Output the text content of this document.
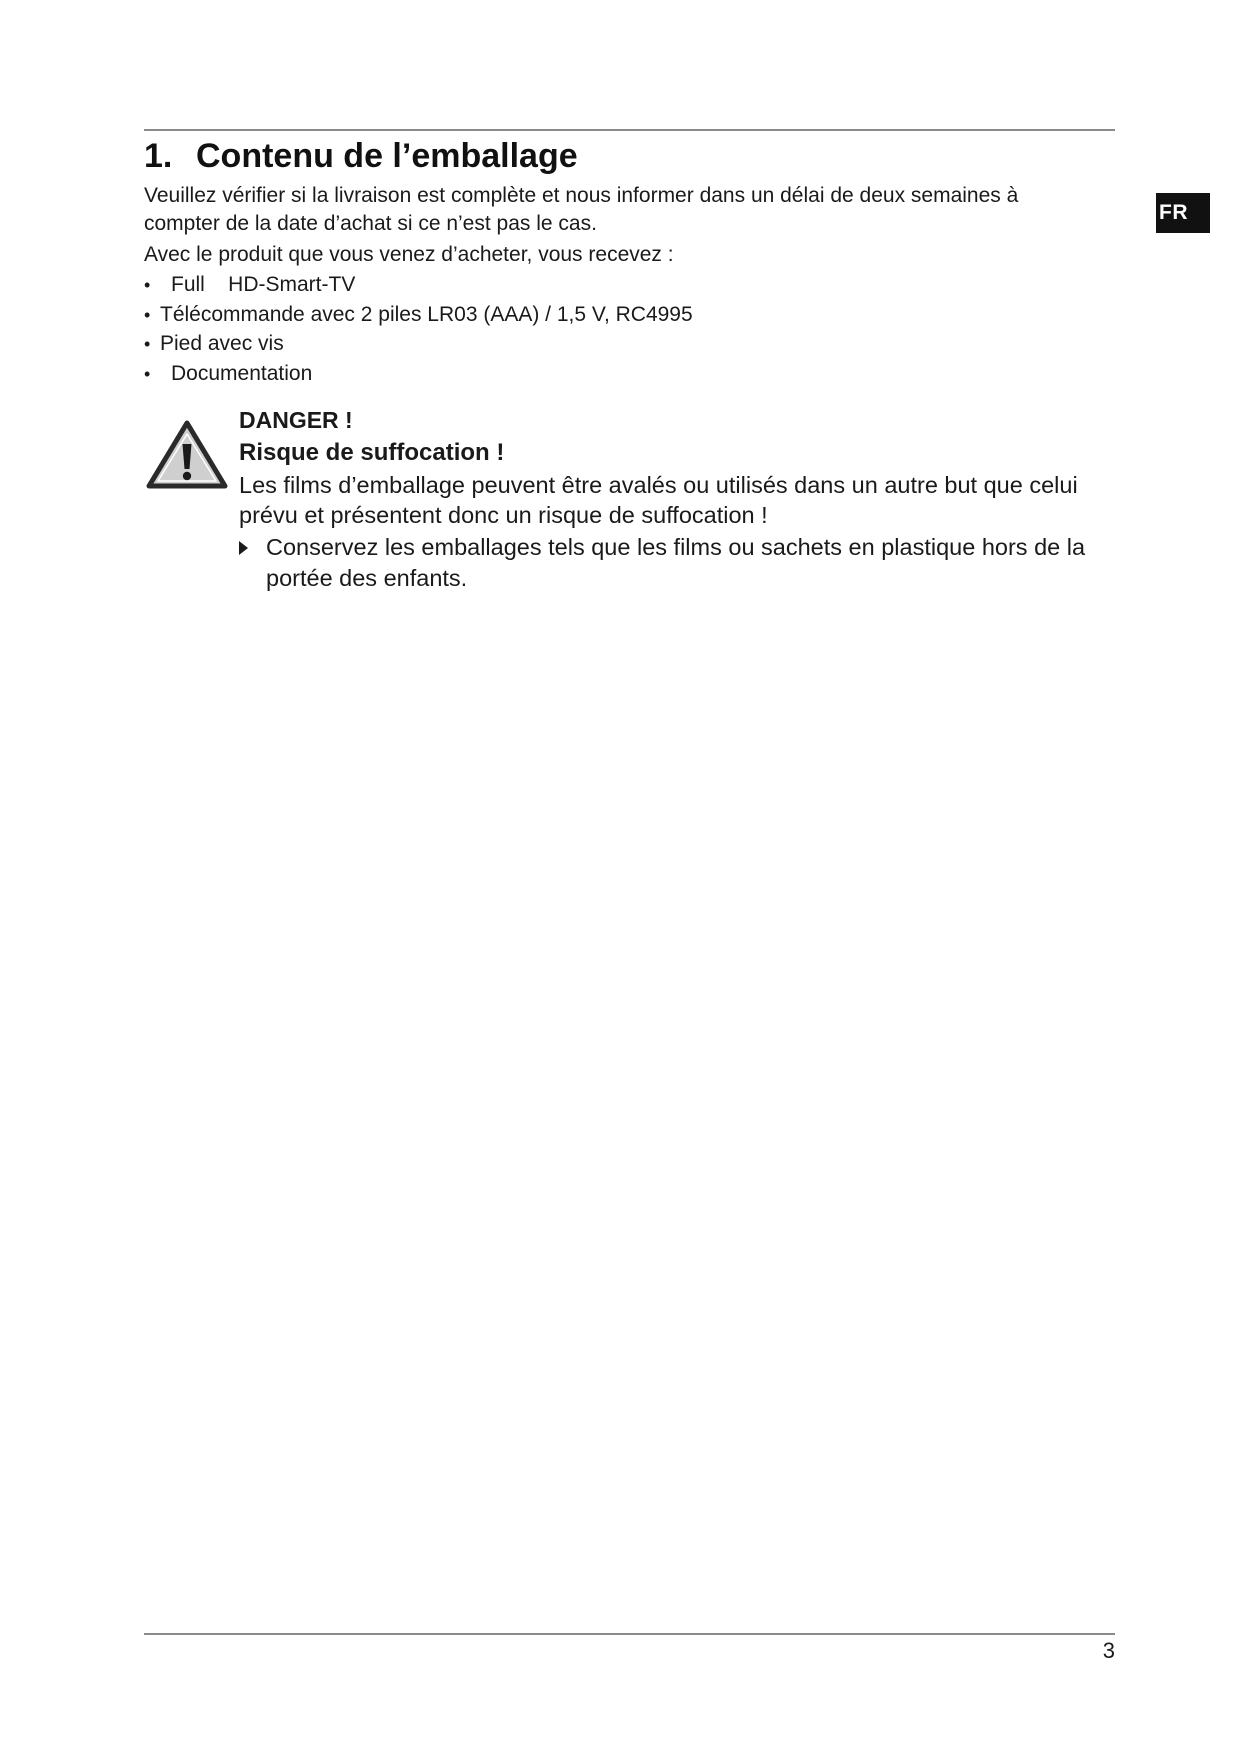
FR
1. Contenu de l’emballage

Veuillez vérifier si la livraison est complète et nous informer dans un délai de deux semaines à compter de la date d’achat si ce n’est pas le cas.

Avec le produit que vous venez d’acheter, vous recevez :

• Full    HD-Smart-TV
• Télécommande avec 2 piles LR03 (AAA) / 1,5 V, RC4995
• Pied avec vis
• Documentation

DANGER !

Risque de suffocation !

Les films d’emballage peuvent être avalés ou utilisés dans un autre but que celui prévu et présentent donc un risque de suffocation !

Conservez les emballages tels que les films ou sachets en plastique hors de la portée des enfants.

3
